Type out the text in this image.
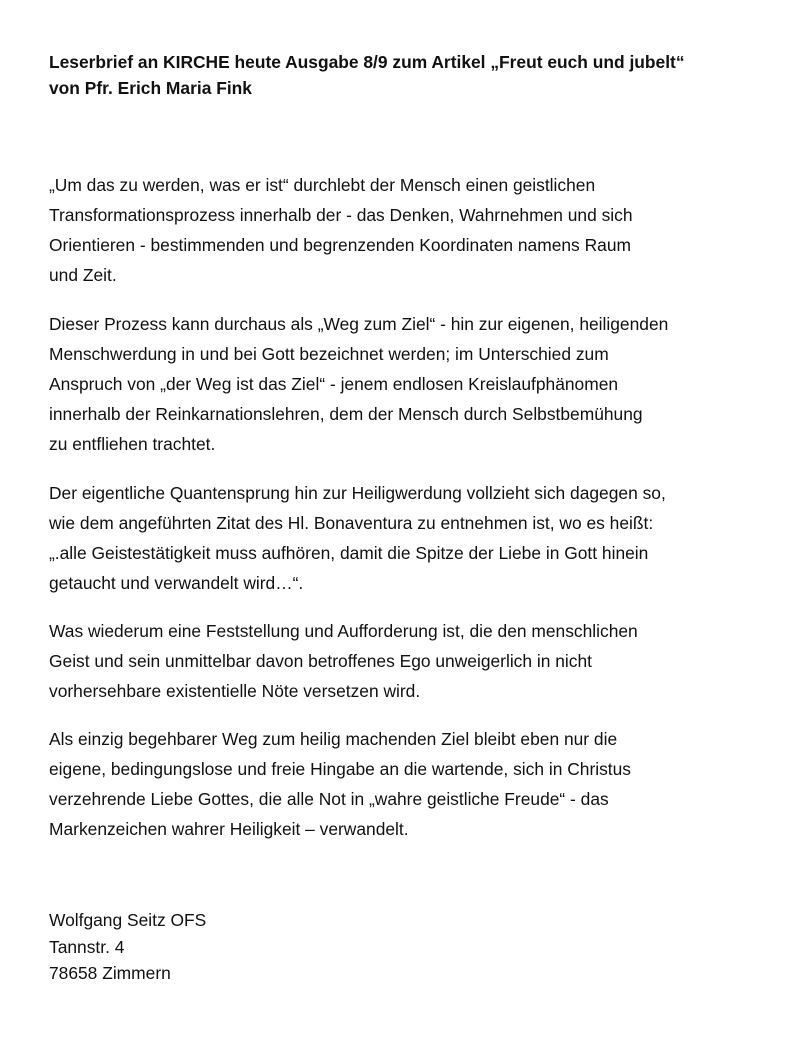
Leserbrief an KIRCHE heute Ausgabe 8/9 zum Artikel „Freut euch und jubelt“
von Pfr. Erich Maria Fink
„Um das zu werden, was er ist“ durchlebt der Mensch einen geistlichen
Transformationsprozess innerhalb der - das Denken, Wahrnehmen und sich
Orientieren - bestimmenden und begrenzenden Koordinaten namens Raum
und Zeit.
Dieser Prozess kann durchaus als „Weg zum Ziel“ - hin zur eigenen, heiligenden
Menschwerdung in und bei Gott bezeichnet werden; im Unterschied zum
Anspruch von „der Weg ist das Ziel“ - jenem endlosen Kreislaufphänomen
innerhalb der Reinkarnationslehren, dem der Mensch durch Selbstbemühung
zu entfliehen trachtet.
Der eigentliche Quantensprung hin zur Heiligwerdung vollzieht sich dagegen so,
wie dem angeführten Zitat des Hl. Bonaventura zu entnehmen ist, wo es heißt:
„.alle Geistestätigkeit muss aufhören, damit die Spitze der Liebe in Gott hinein
getaucht und verwandelt wird…“.
Was wiederum eine Feststellung und Aufforderung ist, die den menschlichen
Geist und sein unmittelbar davon betroffenes Ego unweigerlich in nicht
vorhersehbare existentielle Nöte versetzen wird.
Als einzig begehbarer Weg zum heilig machenden Ziel bleibt eben nur die
eigene, bedingungslose und freie Hingabe an die wartende, sich in Christus
verzehrende Liebe Gottes, die alle Not in „wahre geistliche Freude“ - das
Markenzeichen wahrer Heiligkeit – verwandelt.
Wolfgang Seitz OFS
Tannstr. 4
78658 Zimmern
